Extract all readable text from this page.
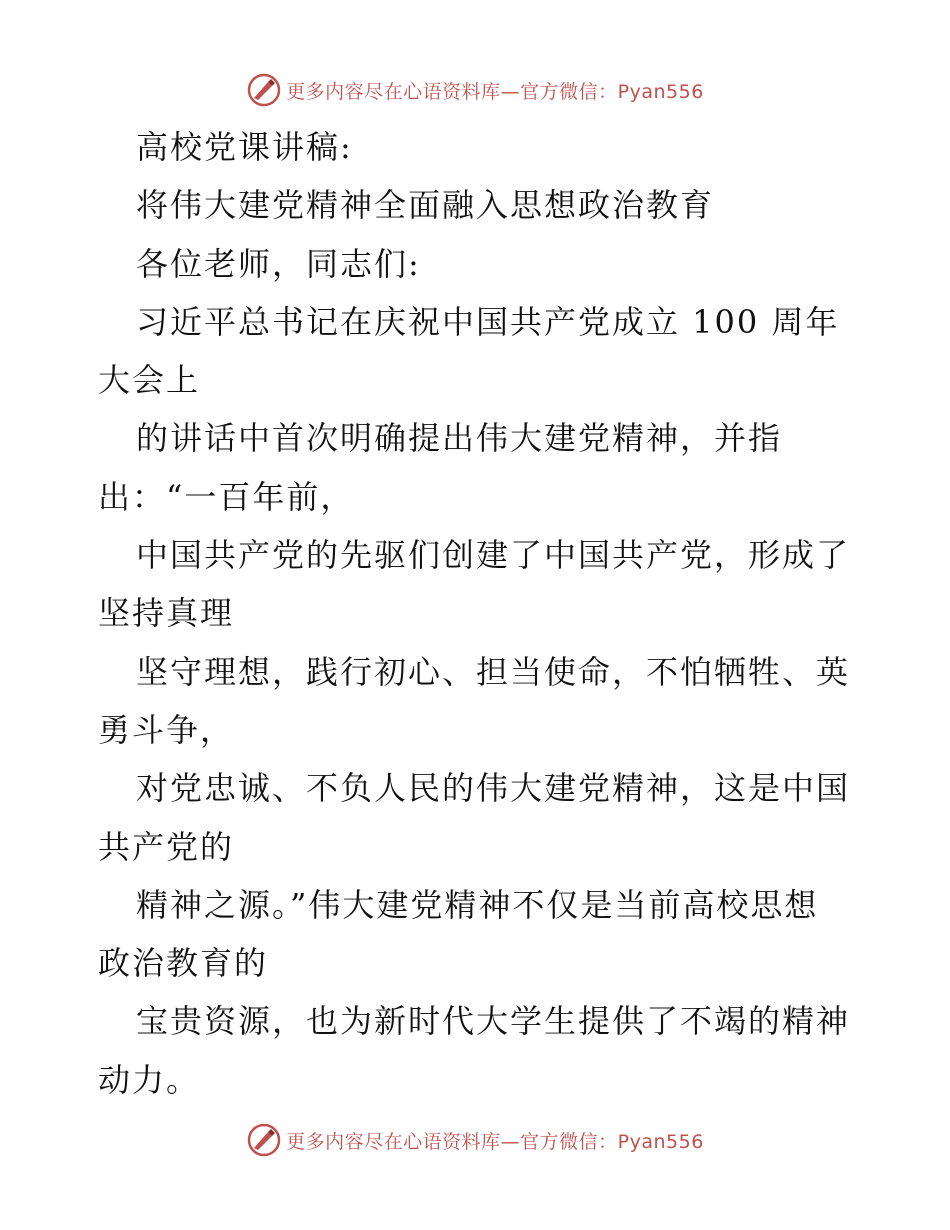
更多内容尽在心语资料库—官方微信：Pyan556
高校党课讲稿:
将伟大建党精神全面融入思想政治教育
各位老师，同志们:
习近平总书记在庆祝中国共产党成立 100 周年
大会上
的讲话中首次明确提出伟大建党精神，并指
出：“一百年前，
中国共产党的先驱们创建了中国共产党，形成了
坚持真理
坚守理想，践行初心、担当使命，不怕牺牲、英
勇斗争，
对党忠诚、不负人民的伟大建党精神，这是中国
共产党的
精神之源。”伟大建党精神不仅是当前高校思想
政治教育的
宝贵资源，也为新时代大学生提供了不竭的精神
动力。
更多内容尽在心语资料库—官方微信：Pyan556
